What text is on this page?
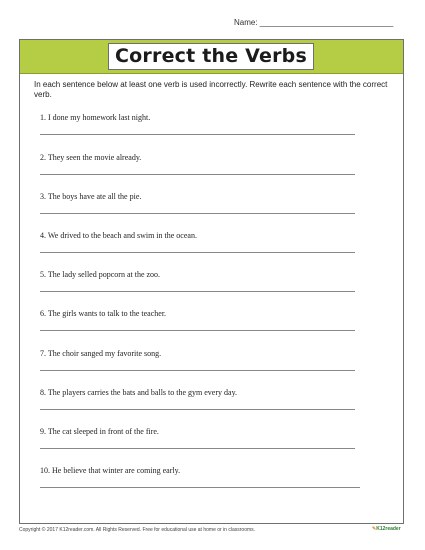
Name: ______________________________
Correct the Verbs
In each sentence below at least one verb is used incorrectly. Rewrite each sentence with the correct verb.
1. I done my homework last night.
2. They seen the movie already.
3. The boys have ate all the pie.
4. We drived to the beach and swim in the ocean.
5. The lady selled popcorn at the zoo.
6. The girls wants to talk to the teacher.
7. The choir sanged my favorite song.
8. The players carries the bats and balls to the gym every day.
9. The cat sleeped in front of the fire.
10. He believe that winter are coming early.
Copyright © 2017 K12reader.com. All Rights Reserved. Free for educational use at home or in classrooms.	✎K12reader
